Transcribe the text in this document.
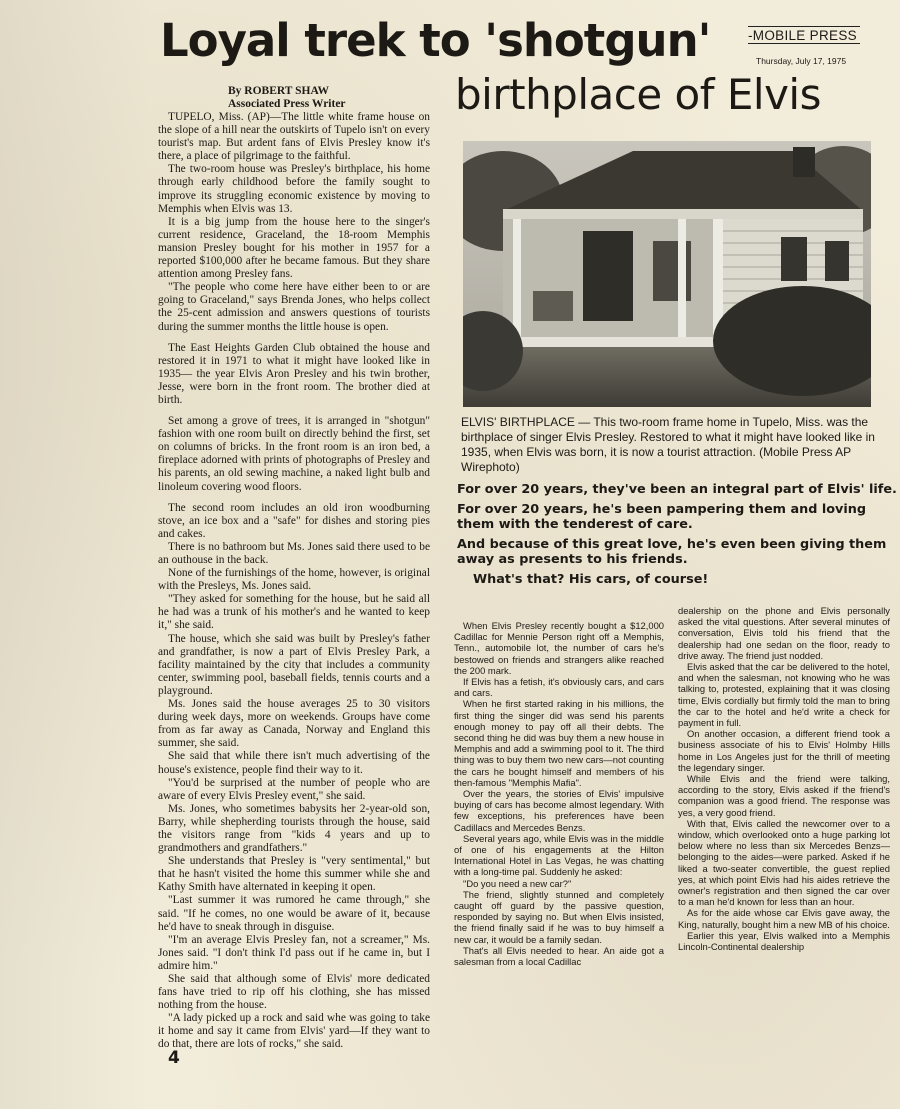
-MOBILE PRESS
Thursday, July 17, 1975
Loyal trek to 'shotgun'
birthplace of Elvis
By ROBERT SHAW
Associated Press Writer

TUPELO, Miss. (AP)—The little white frame house on the slope of a hill near the outskirts of Tupelo isn't on every tourist's map. But ardent fans of Elvis Presley know it's there, a place of pilgrimage to the faithful.

The two-room house was Presley's birthplace, his home through early childhood before the family sought to improve its struggling economic existence by moving to Memphis when Elvis was 13.

It is a big jump from the house here to the singer's current residence, Graceland, the 18-room Memphis mansion Presley bought for his mother in 1957 for a reported $100,000 after he became famous. But they share attention among Presley fans.

"The people who come here have either been to or are going to Graceland," says Brenda Jones, who helps collect the 25-cent admission and answers questions of tourists during the summer months the little house is open.

The East Heights Garden Club obtained the house and restored it in 1971 to what it might have looked like in 1935— the year Elvis Aron Presley and his twin brother, Jesse, were born in the front room. The brother died at birth.

Set among a grove of trees, it is arranged in "shotgun" fashion with one room built on directly behind the first, set on columns of bricks. In the front room is an iron bed, a fireplace adorned with prints of photographs of Presley and his parents, an old sewing machine, a naked light bulb and linoleum covering wood floors.

The second room includes an old iron woodburning stove, an ice box and a "safe" for dishes and storing pies and cakes.

There is no bathroom but Ms. Jones said there used to be an outhouse in the back.

None of the furnishings of the home, however, is original with the Presleys, Ms. Jones said.

"They asked for something for the house, but he said all he had was a trunk of his mother's and he wanted to keep it," she said.

The house, which she said was built by Presley's father and grandfather, is now a part of Elvis Presley Park, a facility maintained by the city that includes a community center, swimming pool, baseball fields, tennis courts and a playground.

Ms. Jones said the house averages 25 to 30 visitors during week days, more on weekends. Groups have come from as far away as Canada, Norway and England this summer, she said.

She said that while there isn't much advertising of the house's existence, people find their way to it.

"You'd be surprised at the number of people who are aware of every Elvis Presley event," she said.

Ms. Jones, who sometimes babysits her 2-year-old son, Barry, while shepherding tourists through the house, said the visitors range from "kids 4 years and up to grandmothers and grandfathers."

She understands that Presley is "very sentimental," but that he hasn't visited the home this summer while she and Kathy Smith have alternated in keeping it open.

"Last summer it was rumored he came through," she said. "If he comes, no one would be aware of it, because he'd have to sneak through in disguise.

"I'm an average Elvis Presley fan, not a screamer," Ms. Jones said. "I don't think I'd pass out if he came in, but I admire him."

She said that although some of Elvis' more dedicated fans have tried to rip off his clothing, she has missed nothing from the house.

"A lady picked up a rock and said whe was going to take it home and say it came from Elvis' yard—If they want to do that, there are lots of rocks," she said.

ELVIS' BIRTHPLACE — This two-room frame home in Tupelo, Miss. was the birthplace of singer Elvis Presley. Restored to what it might have looked like in 1935, when Elvis was born, it is now a tourist attraction. (Mobile Press AP Wirephoto)

For over 20 years, they've been an integral part of Elvis' life.

For over 20 years, he's been pampering them and loving them with the tenderest of care.

And because of this great love, he's even been giving them away as presents to his friends.

What's that? His cars, of course!

When Elvis Presley recently bought a $12,000 Cadillac for Mennie Person right off a Memphis, Tenn., automobile lot, the number of cars he's bestowed on friends and strangers alike reached the 200 mark.

If Elvis has a fetish, it's obviously cars, and cars and cars.

When he first started raking in his millions, the first thing the singer did was send his parents enough money to pay off all their debts. The second thing he did was buy them a new house in Memphis and add a swimming pool to it. The third thing was to buy them two new cars—not counting the cars he bought himself and members of his then-famous "Memphis Mafia".

Over the years, the stories of Elvis' impulsive buying of cars has become almost legendary. With few exceptions, his preferences have been Cadillacs and Mercedes Benzs.

Several years ago, while Elvis was in the middle of one of his engagements at the Hilton International Hotel in Las Vegas, he was chatting with a long-time pal. Suddenly he asked:

"Do you need a new car?"

The friend, slightly stunned and completely caught off guard by the passive question, responded by saying no. But when Elvis insisted, the friend finally said if he was to buy himself a new car, it would be a family sedan.

That's all Elvis needed to hear. An aide got a salesman from a local Cadillac

dealership on the phone and Elvis personally asked the vital questions. After several minutes of conversation, Elvis told his friend that the dealership had one sedan on the floor, ready to drive away. The friend just nodded.

Elvis asked that the car be delivered to the hotel, and when the salesman, not knowing who he was talking to, protested, explaining that it was closing time, Elvis cordially but firmly told the man to bring the car to the hotel and he'd write a check for payment in full.

On another occasion, a different friend took a business associate of his to Elvis' Holmby Hills home in Los Angeles just for the thrill of meeting the legendary singer.

While Elvis and the friend were talking, according to the story, Elvis asked if the friend's companion was a good friend. The response was yes, a very good friend.

With that, Elvis called the newcomer over to a window, which overlooked onto a huge parking lot below where no less than six Mercedes Benzs—belonging to the aides—were parked. Asked if he liked a two-seater convertible, the guest replied yes, at which point Elvis had his aides retrieve the owner's registration and then signed the car over to a man he'd known for less than an hour.

As for the aide whose car Elvis gave away, the King, naturally, bought him a new MB of his choice.

Earlier this year, Elvis walked into a Memphis Lincoln-Continental dealership

4
